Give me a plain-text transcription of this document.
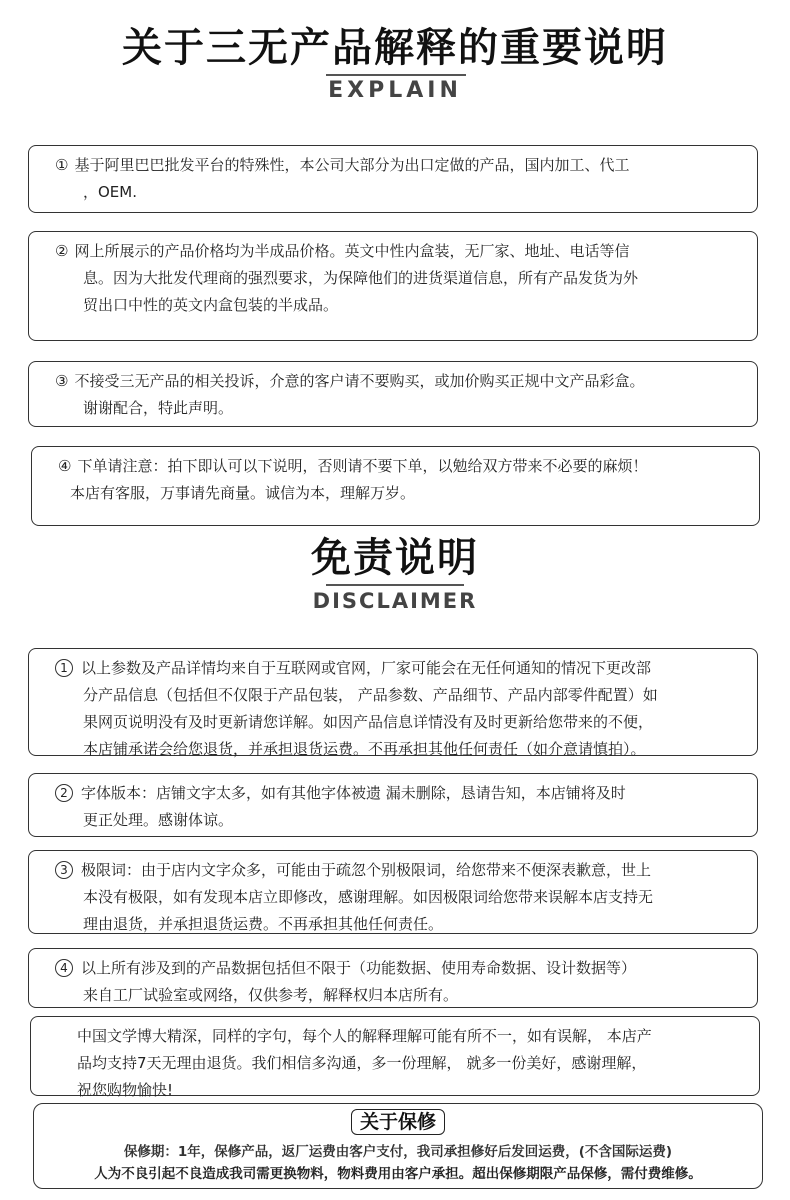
关于三无产品解释的重要说明
EXPLAIN

① 基于阿里巴巴批发平台的特殊性，本公司大部分为出口定做的产品，国内加工、代工

，OEM.

② 网上所展示的产品价格均为半成品价格。英文中性内盒装，无厂家、地址、电话等信

息。因为大批发代理商的强烈要求，为保障他们的进货渠道信息，所有产品发货为外

贸出口中性的英文内盒包装的半成品。

③ 不接受三无产品的相关投诉，介意的客户请不要购买，或加价购买正规中文产品彩盒。

谢谢配合，特此声明。

④ 下单请注意：拍下即认可以下说明，否则请不要下单，以勉给双方带来不必要的麻烦！

本店有客服，万事请先商量。诚信为本，理解万岁。

免责说明
DISCLAIMER

1 以上参数及产品详情均来自于互联网或官网，厂家可能会在无任何通知的情况下更改部

分产品信息（包括但不仅限于产品包装， 产品参数、产品细节、产品内部零件配置）如

果网页说明没有及时更新请您详解。如因产品信息详情没有及时更新给您带来的不便，

本店铺承诺会给您退货，并承担退货运费。不再承担其他任何责任（如介意请慎拍）。

2 字体版本：店铺文字太多，如有其他字体被遗 漏未删除，恳请告知，本店铺将及时

更正处理。感谢体谅。

3 极限词：由于店内文字众多，可能由于疏忽个别极限词，给您带来不便深表歉意，世上

本没有极限，如有发现本店立即修改，感谢理解。如因极限词给您带来误解本店支持无

理由退货，并承担退货运费。不再承担其他任何责任。

4 以上所有涉及到的产品数据包括但不限于（功能数据、使用寿命数据、设计数据等）

来自工厂试验室或网络，仅供参考，解释权归本店所有。

中国文学博大精深，同样的字句，每个人的解释理解可能有所不一，如有误解， 本店产

品均支持7天无理由退货。我们相信多沟通，多一份理解， 就多一份美好，感谢理解，

祝您购物愉快!

关于保修
保修期：1年，保修产品，返厂运费由客户支付，我司承担修好后发回运费，(不含国际运费)
人为不良引起不良造成我司需更换物料，物料费用由客户承担。超出保修期限产品保修，需付费维修。
